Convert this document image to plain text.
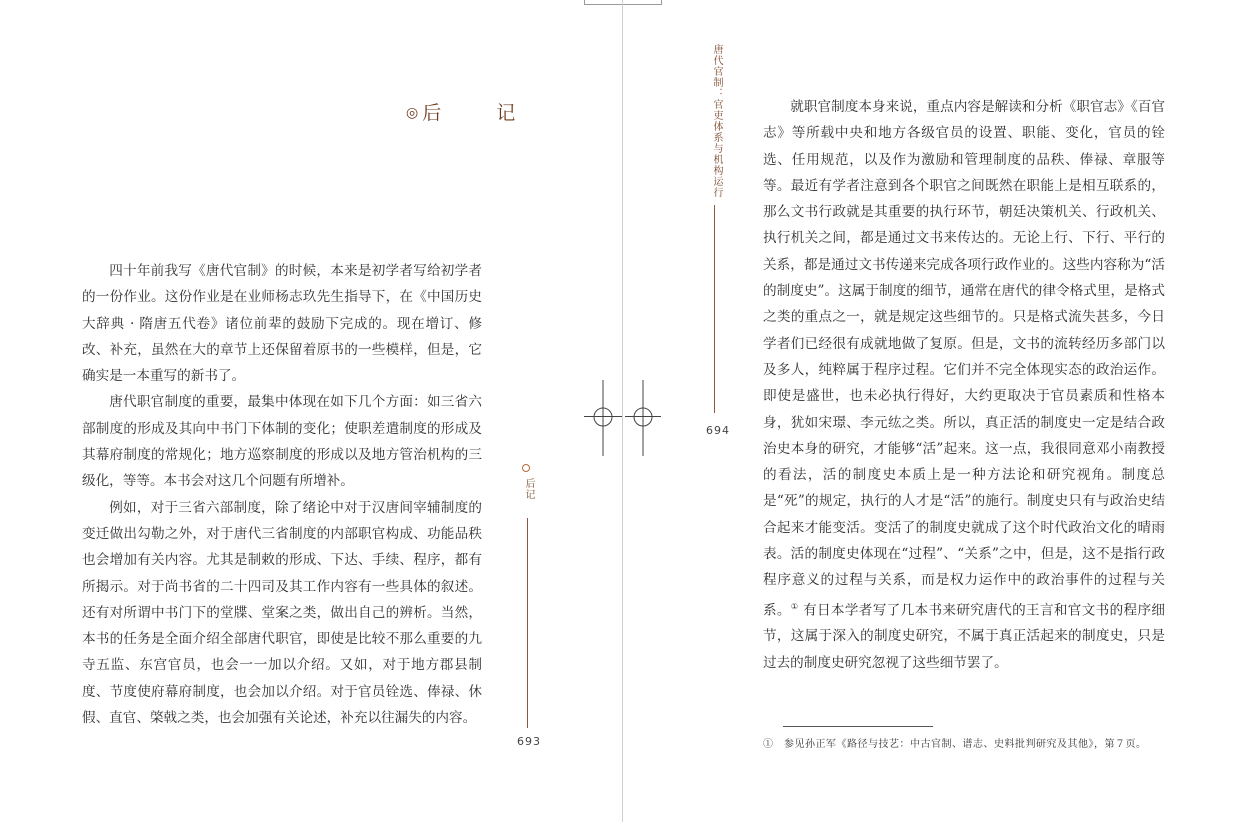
◎后　记

四十年前我写《唐代官制》的时候，本来是初学者写给初学者的一份作业。这份作业是在业师杨志玖先生指导下，在《中国历史大辞典 · 隋唐五代卷》诸位前辈的鼓励下完成的。现在增订、修改、补充，虽然在大的章节上还保留着原书的一些模样，但是，它确实是一本重写的新书了。

唐代职官制度的重要，最集中体现在如下几个方面：如三省六部制度的形成及其向中书门下体制的变化；使职差遣制度的形成及其幕府制度的常规化；地方巡察制度的形成以及地方管治机构的三级化，等等。本书会对这几个问题有所增补。

例如，对于三省六部制度，除了绪论中对于汉唐间宰辅制度的变迁做出勾勒之外，对于唐代三省制度的内部职官构成、功能品秩也会增加有关内容。尤其是制敕的形成、下达、手续、程序，都有所揭示。对于尚书省的二十四司及其工作内容有一些具体的叙述。还有对所谓中书门下的堂牒、堂案之类，做出自己的辨析。当然，本书的任务是全面介绍全部唐代职官，即使是比较不那么重要的九寺五监、东宫官员，也会一一加以介绍。又如，对于地方郡县制度、节度使府幕府制度，也会加以介绍。对于官员铨选、俸禄、休假、直官、棨戟之类，也会加强有关论述，补充以往漏失的内容。

后记
693
唐代官制：官吏体系与机构运行
694

就职官制度本身来说，重点内容是解读和分析《职官志》《百官志》等所载中央和地方各级官员的设置、职能、变化，官员的铨选、任用规范，以及作为激励和管理制度的品秩、俸禄、章服等等。最近有学者注意到各个职官之间既然在职能上是相互联系的，那么文书行政就是其重要的执行环节，朝廷决策机关、行政机关、执行机关之间，都是通过文书来传达的。无论上行、下行、平行的关系，都是通过文书传递来完成各项行政作业的。这些内容称为“活的制度史”。这属于制度的细节，通常在唐代的律令格式里，是格式之类的重点之一，就是规定这些细节的。只是格式流失甚多，今日学者们已经很有成就地做了复原。但是，文书的流转经历多部门以及多人，纯粹属于程序过程。它们并不完全体现实态的政治运作。即使是盛世，也未必执行得好，大约更取决于官员素质和性格本身，犹如宋璟、李元纮之类。所以，真正活的制度史一定是结合政治史本身的研究，才能够“活”起来。这一点，我很同意邓小南教授的看法，活的制度史本质上是一种方法论和研究视角。制度总是“死”的规定，执行的人才是“活”的施行。制度史只有与政治史结合起来才能变活。变活了的制度史就成了这个时代政治文化的晴雨表。活的制度史体现在“过程”、“关系”之中，但是，这不是指行政程序意义的过程与关系，而是权力运作中的政治事件的过程与关系。① 有日本学者写了几本书来研究唐代的王言和官文书的程序细节，这属于深入的制度史研究，不属于真正活起来的制度史，只是过去的制度史研究忽视了这些细节罢了。

①　参见孙正军《路径与技艺：中古官制、谱志、史料批判研究及其他》，第７页。
